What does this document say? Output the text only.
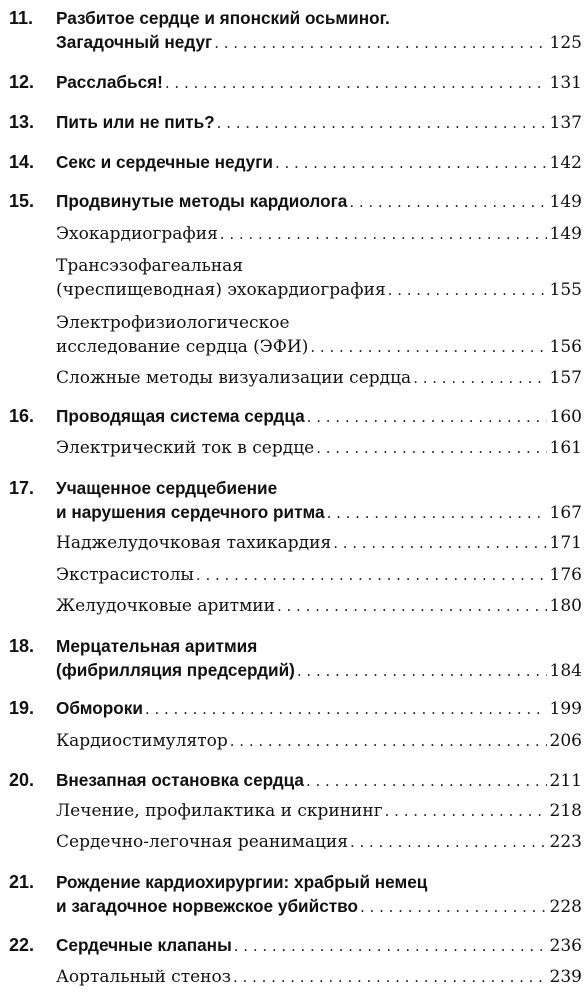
11. Разбитое сердце и японский осьминог.
Загадочный недуг . . .	125
12. Расслабься! . . .	131
13. Пить или не пить? . . .	137
14. Секс и сердечные недуги . . .	142
15. Продвинутые методы кардиолога . . .	149
Эхокардиография . . .	149
Трансэзофагеальная
(чреспищеводная) эхокардиография . . .	155
Электрофизиологическое
исследование сердца (ЭФИ) . . .	156
Сложные методы визуализации сердца . . .	157
16. Проводящая система сердца . . .	160
Электрический ток в сердце . . .	161
17. Учащенное сердцебиение
и нарушения сердечного ритма . . .	167
Наджелудочковая тахикардия . . .	171
Экстрасистолы . . .	176
Желудочковые аритмии . . .	180
18. Мерцательная аритмия
(фибрилляция предсердий) . . .	184
19. Обмороки . . .	199
Кардиостимулятор . . .	206
20. Внезапная остановка сердца . . .	211
Лечение, профилактика и скрининг . . .	218
Сердечно-легочная реанимация . . .	223
21. Рождение кардиохирургии: храбрый немец
и загадочное норвежское убийство . . .	228
22. Сердечные клапаны . . .	236
Аортальный стеноз . . .	239
